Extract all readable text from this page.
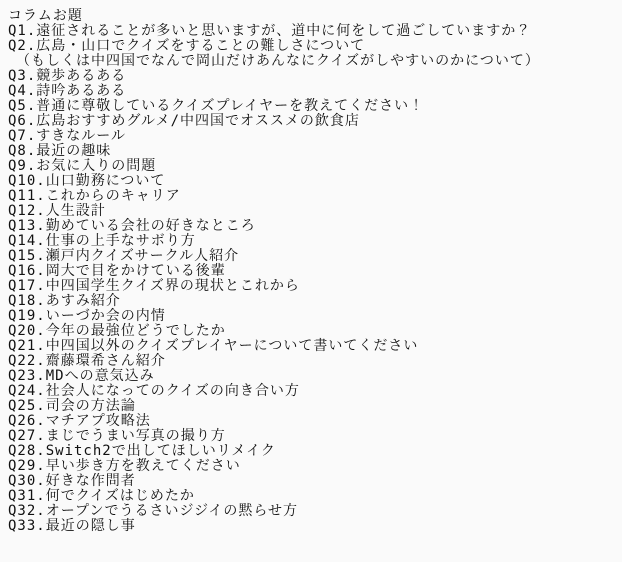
コラムお題
Q1.遠征されることが多いと思いますが、道中に何をして過ごしていますか？
Q2.広島・山口でクイズをすることの難しさについて
　（もしくは中四国でなんで岡山だけあんなにクイズがしやすいのかについて）
Q3.競歩あるある
Q4.詩吟あるある
Q5.普通に尊敬しているクイズプレイヤーを教えてください！
Q6.広島おすすめグルメ/中四国でオススメの飲食店
Q7.すきなルール
Q8.最近の趣味
Q9.お気に入りの問題
Q10.山口勤務について
Q11.これからのキャリア
Q12.人生設計
Q13.勤めている会社の好きなところ
Q14.仕事の上手なサボり方
Q15.瀬戸内クイズサークル人紹介
Q16.岡大で目をかけている後輩
Q17.中四国学生クイズ界の現状とこれから
Q18.あすみ紹介
Q19.いーづか会の内情
Q20.今年の最強位どうでしたか
Q21.中四国以外のクイズプレイヤーについて書いてください
Q22.齋藤環希さん紹介
Q23.MDへの意気込み
Q24.社会人になってのクイズの向き合い方
Q25.司会の方法論
Q26.マチアプ攻略法
Q27.まじでうまい写真の撮り方
Q28.Switch2で出してほしいリメイク
Q29.早い歩き方を教えてください
Q30.好きな作問者
Q31.何でクイズはじめたか
Q32.オープンでうるさいジジイの黙らせ方
Q33.最近の隠し事
